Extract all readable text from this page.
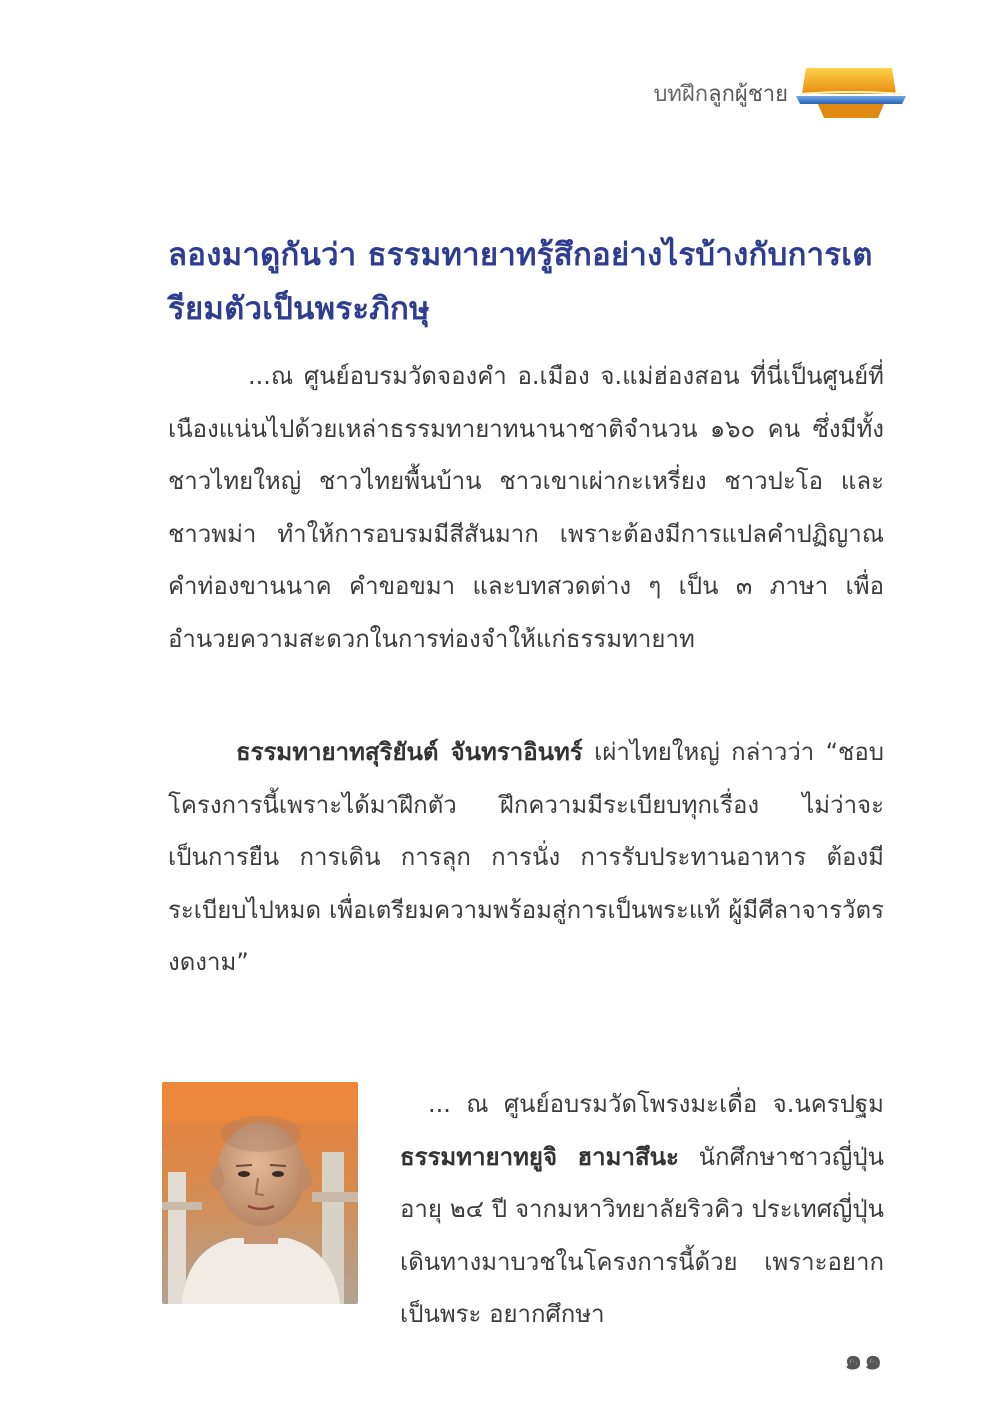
บทฝึกลูกผู้ชาย
ลองมาดูกันว่า ธรรมทายาทรู้สึกอย่างไรบ้างกับการเตรียมตัวเป็นพระภิกษุ

...ณ ศูนย์อบรมวัดจองคำ อ.เมือง จ.แม่ฮ่องสอน ที่นี่เป็นศูนย์ที่เนืองแน่นไปด้วยเหล่าธรรมทายาทนานาชาติจำนวน ๑๖๐ คน ซึ่งมีทั้งชาวไทยใหญ่ ชาวไทยพื้นบ้าน ชาวเขาเผ่ากะเหรี่ยง ชาวปะโอ และชาวพม่า ทำให้การอบรมมีสีสันมาก เพราะต้องมีการแปลคำปฏิญาณ คำท่องขานนาค คำขอขมา และบทสวดต่าง ๆ เป็น ๓ ภาษา เพื่ออำนวยความสะดวกในการท่องจำให้แก่ธรรมทายาท

ธรรมทายาทสุริยันต์ จันทราอินทร์ เผ่าไทยใหญ่ กล่าวว่า “ชอบโครงการนี้เพราะได้มาฝึกตัว ฝึกความมีระเบียบทุกเรื่อง ไม่ว่าจะเป็นการยืน การเดิน การลุก การนั่ง การรับประทานอาหาร ต้องมีระเบียบไปหมด เพื่อเตรียมความพร้อมสู่การเป็นพระแท้ ผู้มีศีลาจารวัตรงดงาม”

... ณ ศูนย์อบรมวัดโพรงมะเดื่อ จ.นครปฐม ธรรมทายาทยูจิ ฮามาสึนะ นักศึกษาชาวญี่ปุ่นอายุ ๒๔ ปี จากมหาวิทยาลัยริวคิว ประเทศญี่ปุ่น เดินทางมาบวชในโครงการนี้ด้วย เพราะอยากเป็นพระ อยากศึกษา

๑๑
